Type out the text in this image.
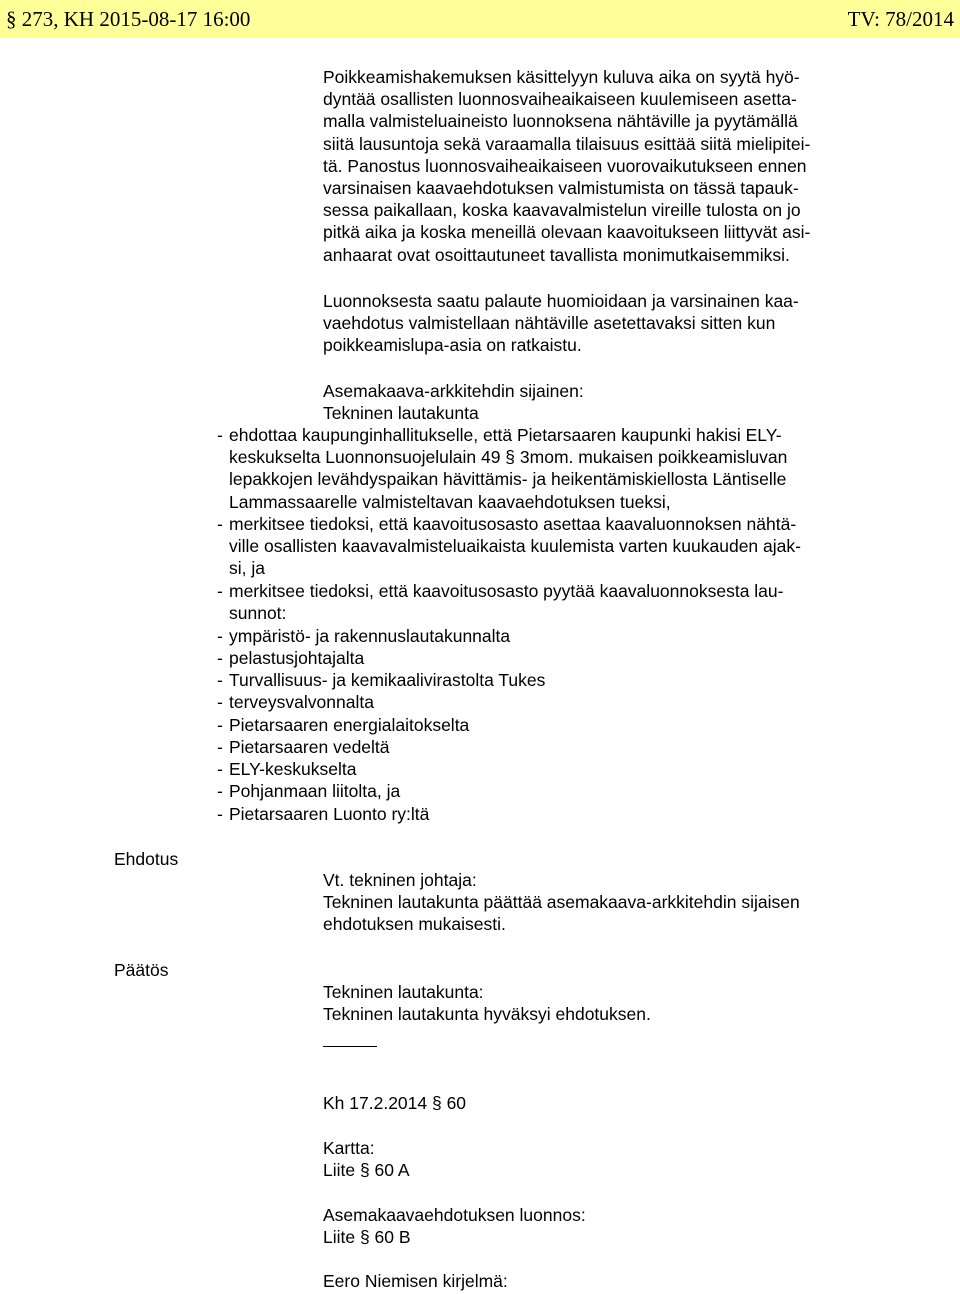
§ 273, KH 2015-08-17 16:00	TV: 78/2014
Poikkeamishakemuksen käsittelyyn kuluva aika on syytä hyö-
dyntää osallisten luonnosvaiheaikaiseen kuulemiseen asetta-
malla valmisteluaineisto luonnoksena nähtäville ja pyytämällä
siitä lausuntoja sekä varaamalla tilaisuus esittää siitä mielipitei-
tä. Panostus luonnosvaiheaikaiseen vuorovaikutukseen ennen
varsinaisen kaavaehdotuksen valmistumista on tässä tapauk-
sessa paikallaan, koska kaavavalmistelun vireille tulosta on jo
pitkä aika ja koska meneillä olevaan kaavoitukseen liittyvät asi-
anhaarat ovat osoittautuneet tavallista monimutkaisemmiksi.
Luonnoksesta saatu palaute huomioidaan ja varsinainen kaa-
vaehdotus valmistellaan nähtäville asetettavaksi sitten kun
poikkeamislupa-asia on ratkaistu.
Asemakaava-arkkitehdin sijainen:
Tekninen lautakunta
- ehdottaa kaupunginhallitukselle, että Pietarsaaren kaupunki hakisi ELY-
keskukselta Luonnonsuojelulain 49 § 3mom. mukaisen poikkeamisluvan
lepakkojen levähdyspaikan hävittämis- ja heikentämiskiellosta Läntiselle
Lammassaarelle valmisteltavan kaavaehdotuksen tueksi,
- merkitsee tiedoksi, että kaavoitusosasto asettaa kaavaluonnoksen nähtä-
ville osallisten kaavavalmisteluaikaista kuulemista varten kuukauden ajak-
si, ja
- merkitsee tiedoksi, että kaavoitusosasto pyytää kaavaluonnoksesta lau-
sunnot:
- ympäristö- ja rakennuslautakunnalta
- pelastusjohtajalta
- Turvallisuus- ja kemikaalivirastolta Tukes
- terveysvalvonnalta
- Pietarsaaren energialaitokselta
- Pietarsaaren vedeltä
- ELY-keskukselta
- Pohjanmaan liitolta, ja
- Pietarsaaren Luonto ry:ltä
Ehdotus
Päätös
Vt. tekninen johtaja:
Tekninen lautakunta päättää asemakaava-arkkitehdin sijaisen
ehdotuksen mukaisesti.
Tekninen lautakunta:
Tekninen lautakunta hyväksyi ehdotuksen.
Kh 17.2.2014 § 60
Kartta:
Liite § 60 A
Asemakaavaehdotuksen luonnos:
Liite § 60 B
Eero Niemisen kirjelmä:
